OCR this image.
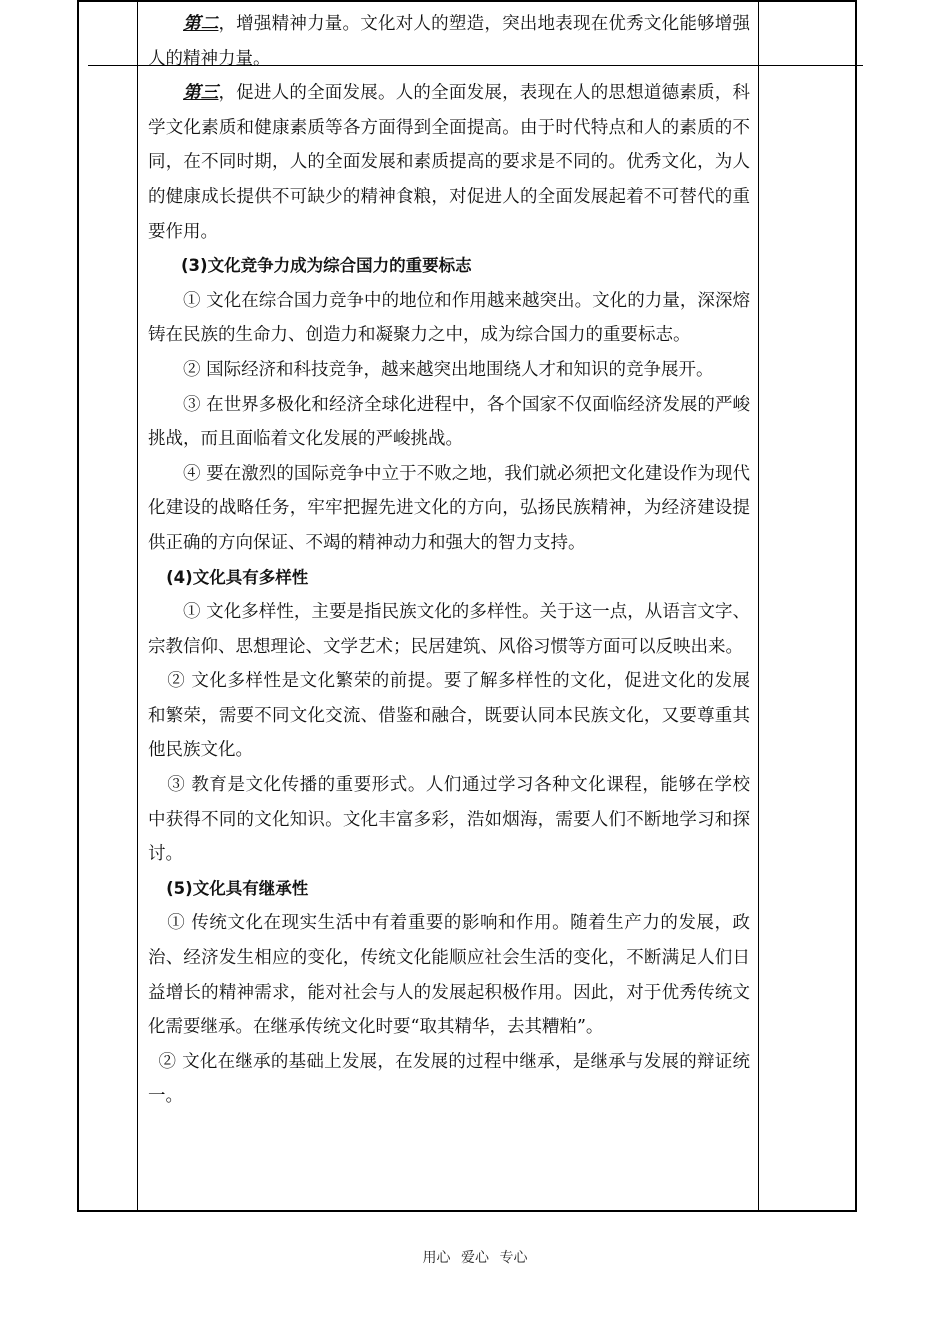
第二，增强精神力量。文化对人的塑造，突出地表现在优秀文化能够增强人的精神力量。

第三，促进人的全面发展。人的全面发展，表现在人的思想道德素质，科学文化素质和健康素质等各方面得到全面提高。由于时代特点和人的素质的不同，在不同时期，人的全面发展和素质提高的要求是不同的。优秀文化，为人的健康成长提供不可缺少的精神食粮，对促进人的全面发展起着不可替代的重要作用。

(3)文化竞争力成为综合国力的重要标志

① 文化在综合国力竞争中的地位和作用越来越突出。文化的力量，深深熔铸在民族的生命力、创造力和凝聚力之中，成为综合国力的重要标志。

② 国际经济和科技竞争，越来越突出地围绕人才和知识的竞争展开。

③ 在世界多极化和经济全球化进程中，各个国家不仅面临经济发展的严峻挑战，而且面临着文化发展的严峻挑战。

④ 要在激烈的国际竞争中立于不败之地，我们就必须把文化建设作为现代化建设的战略任务，牢牢把握先进文化的方向，弘扬民族精神，为经济建设提供正确的方向保证、不竭的精神动力和强大的智力支持。

(4)文化具有多样性

① 文化多样性，主要是指民族文化的多样性。关于这一点，从语言文字、宗教信仰、思想理论、文学艺术；民居建筑、风俗习惯等方面可以反映出来。

② 文化多样性是文化繁荣的前提。要了解多样性的文化，促进文化的发展和繁荣，需要不同文化交流、借鉴和融合，既要认同本民族文化，又要尊重其他民族文化。

③ 教育是文化传播的重要形式。人们通过学习各种文化课程，能够在学校中获得不同的文化知识。文化丰富多彩，浩如烟海，需要人们不断地学习和探讨。

(5)文化具有继承性

① 传统文化在现实生活中有着重要的影响和作用。随着生产力的发展，政治、经济发生相应的变化，传统文化能顺应社会生活的变化，不断满足人们日益增长的精神需求，能对社会与人的发展起积极作用。因此，对于优秀传统文化需要继承。在继承传统文化时要“取其精华，去其糟粕”。

② 文化在继承的基础上发展，在发展的过程中继承，是继承与发展的辩证统一。

用心 爱心 专心
